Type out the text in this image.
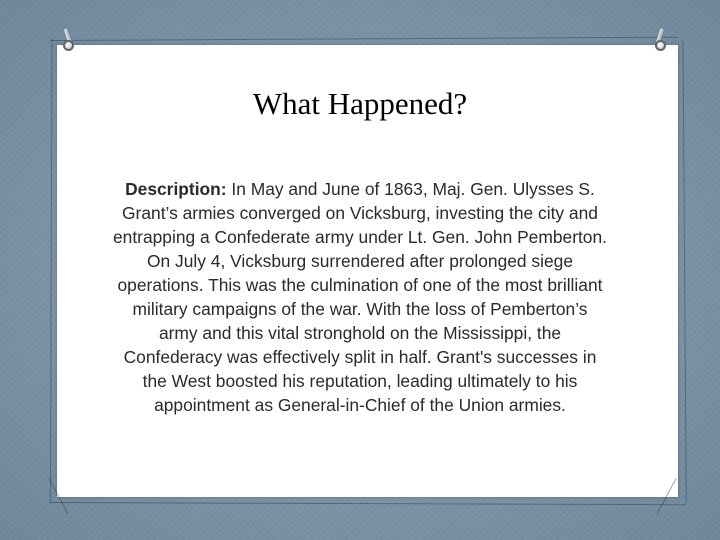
What Happened?

Description: In May and June of 1863, Maj. Gen. Ulysses S. Grant’s armies converged on Vicksburg, investing the city and entrapping a Confederate army under Lt. Gen. John Pemberton. On July 4, Vicksburg surrendered after prolonged siege operations. This was the culmination of one of the most brilliant military campaigns of the war. With the loss of Pemberton’s army and this vital stronghold on the Mississippi, the Confederacy was effectively split in half. Grant's successes in the West boosted his reputation, leading ultimately to his appointment as General-in-Chief of the Union armies.
